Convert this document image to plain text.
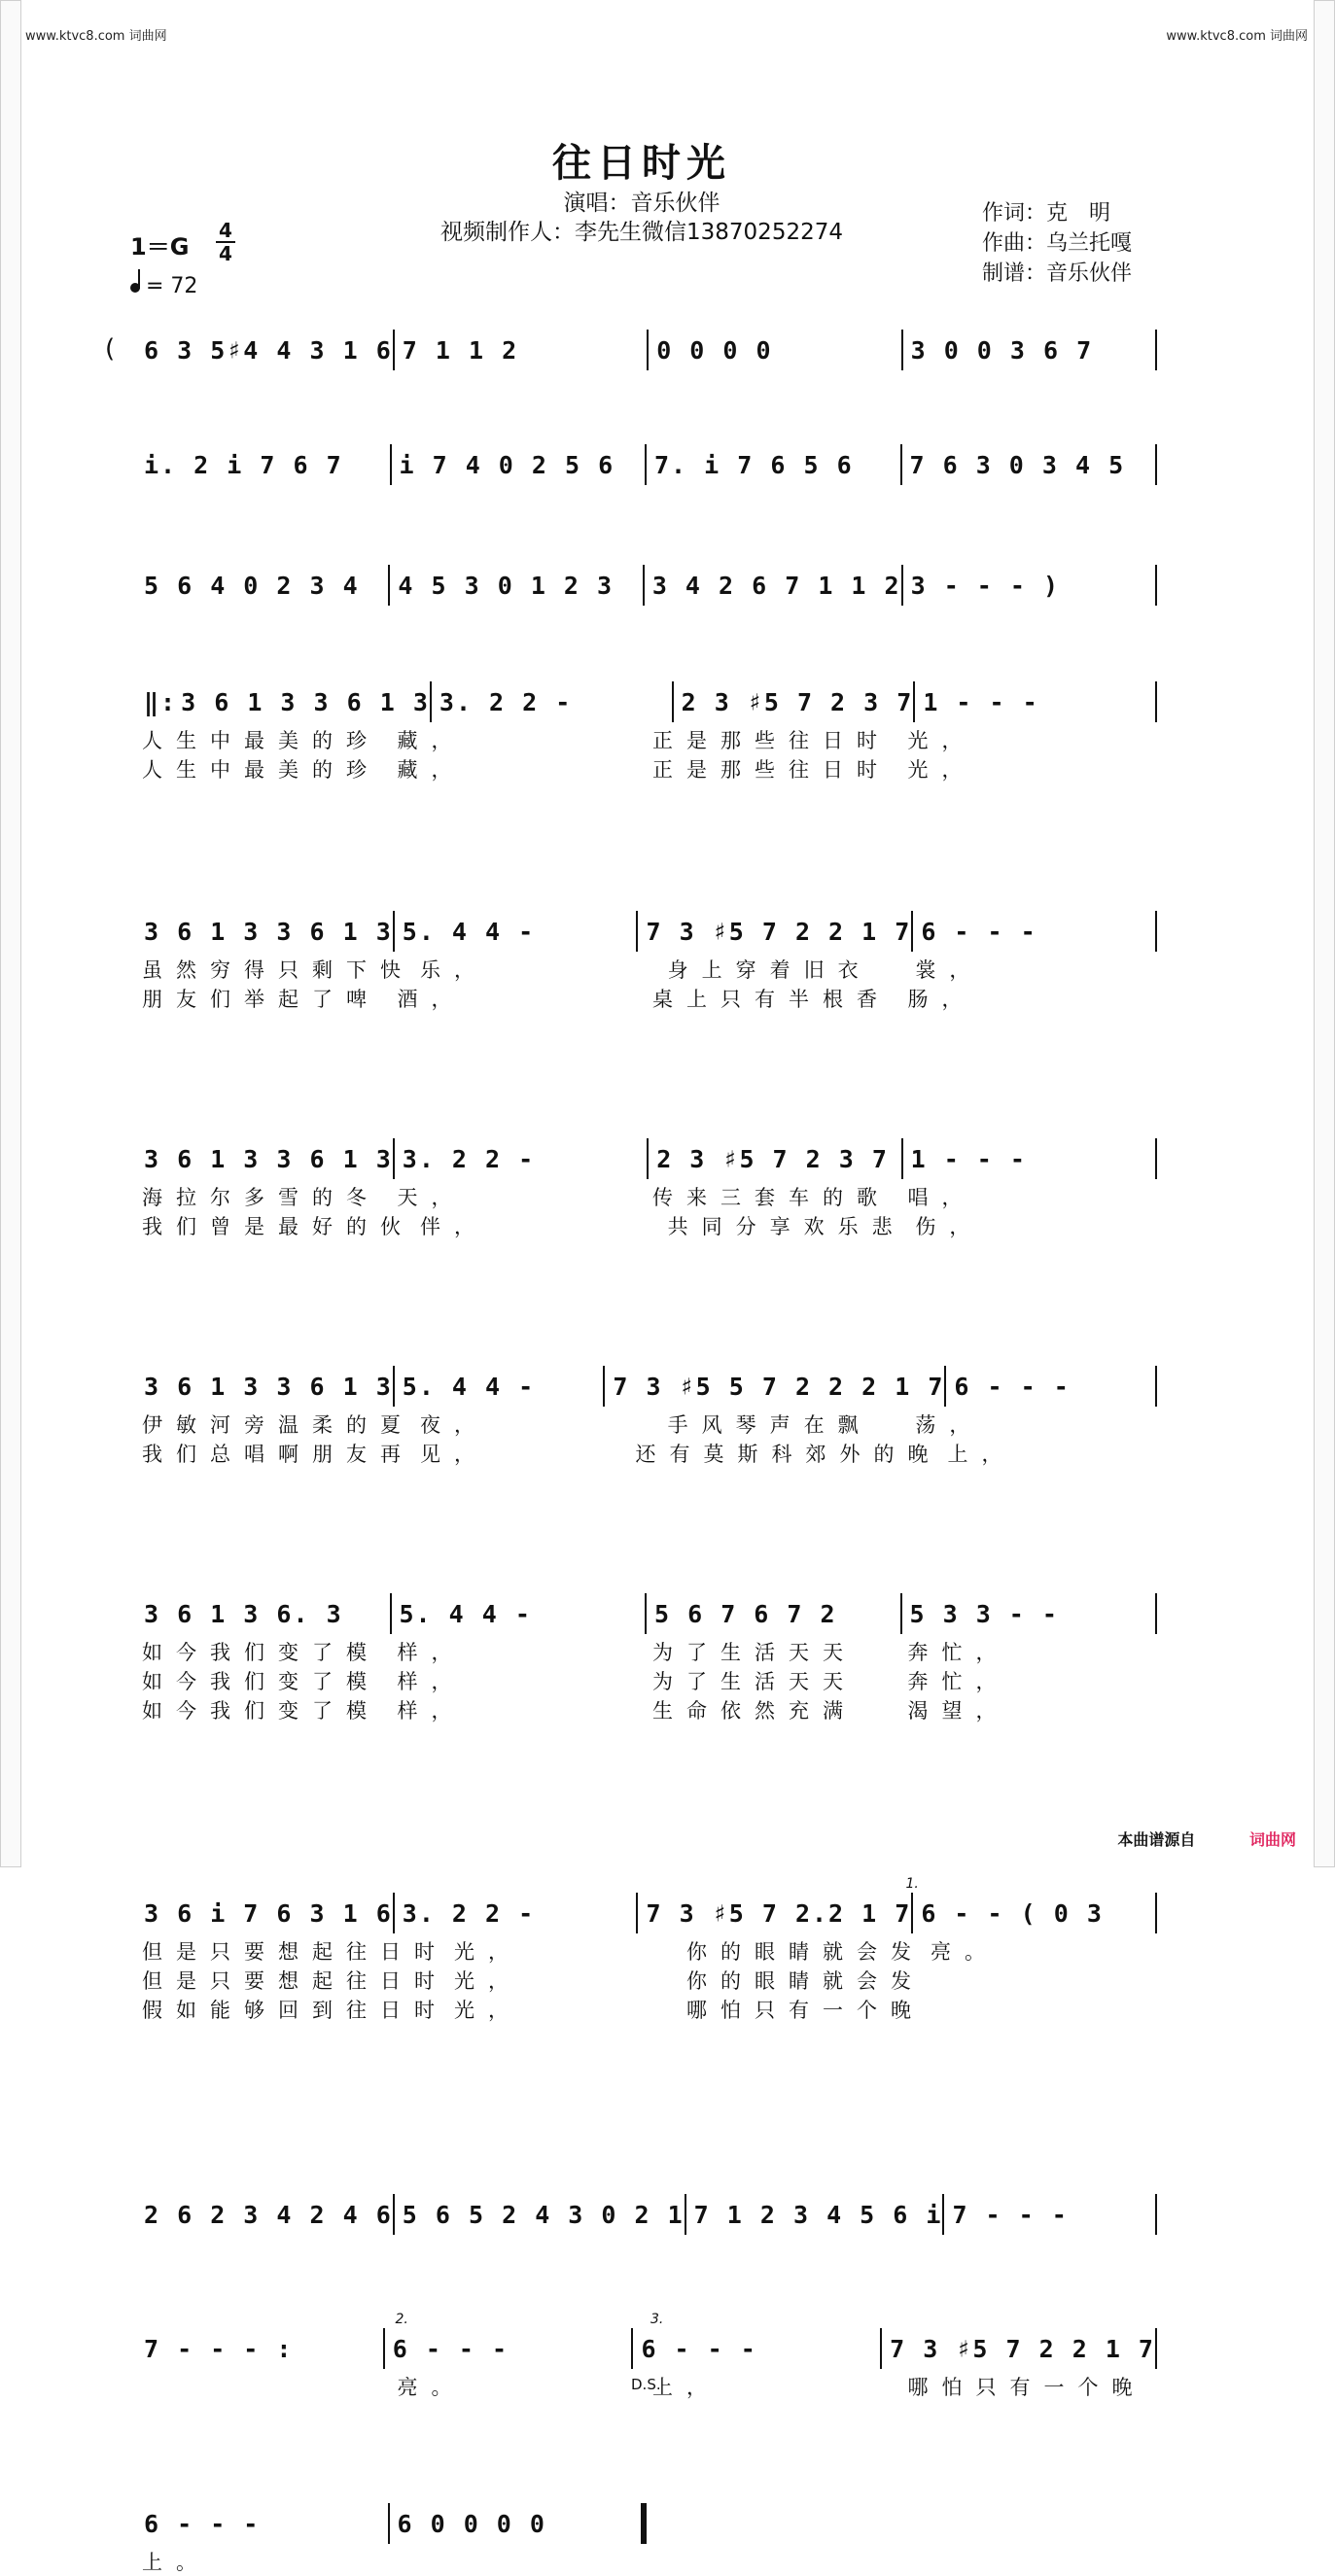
www.ktvc8.com 词曲网	www.ktvc8.com 词曲网
往日时光
演唱：音乐伙伴
视频制作人：李先生微信13870252274
作词：克　明
作曲：乌兰托嘎
制谱：音乐伙伴
$1=G \frac{4}{4}$
= 72
( 6 3 5♯4 4 3 1 6 7 1 1 2	0 0 0 0	3 0 0 3 6 7
i. 2 i 7 6 7 i 7 4 0 2 5 6 7. i 7 6 5 6 7 6 3 0 3 4 5
5 6 4 0 2 3 4 4 5 3 0 1 2 3 3 4 2 6 7 1 1 2 3 - - - )
‖: 3 6 1 3 3 6 1 3 3. 2 2 -	2 3 ♯5 7 2 3 7 1 - - -
人生中最美的珍 藏，	正是那些往日时 光，
人生中最美的珍 藏，	正是那些往日时 光，
3 6 1 3 3 6 1 3 5. 4 4 -	7 3 ♯5 7 2 2 1 7 6 - - -
虽然穷得只剩下快 乐，	身上穿着旧衣	裳，
朋友们举起了啤 酒，	桌上只有半根香 肠，
3 6 1 3 3 6 1 3 3. 2 2 -	2 3 ♯5 7 2 3 7 1 - - -
海拉尔多雪的冬 天，	传来三套车的歌 唱，
我们曾是最好的伙 伴，	共同分享欢乐悲 伤，
3 6 1 3 3 6 1 3 5. 4 4 -	7 3 ♯5 5 7 2 2 2 1 7 6 - - -
伊敏河旁温柔的夏 夜，	手风琴声在飘	荡，
我们总唱啊朋友再 见，	还有莫斯科郊外的晚 上，
3 6 1 3 6. 3 5. 4 4 -	5 6 7 6 7 2	5 3 3 - -
如今我们变了模 样，	为了生活天天	奔忙，
如今我们变了模 样，	为了生活天天	奔忙，
如今我们变了模 样，	生命依然充满	渴望，
3 6 i 7 6 3 1 6 3. 2 2 -	7 3 ♯5 7 2.2 1 7 6 - - ( 0 3
1.
但是只要想起往日时 光，	你的眼睛就会发 亮。
但是只要想起往日时 光，	你的眼睛就会发
假如能够回到往日时 光，	哪怕只有一个晚
2 6 2 3 4 2 4 6 5 6 5 2 4 3 0 2 1 7 1 2 3 4 5 6 i 7 - - -
7 - - - :	6 - - -	6 - - -	7 3 ♯5 7 2 2 1 7
2.	3.
D.S.
亮。	上，	哪怕只有一个晚
6 - - -	6 0 0 0 0
上。
本曲谱源自	词曲网
